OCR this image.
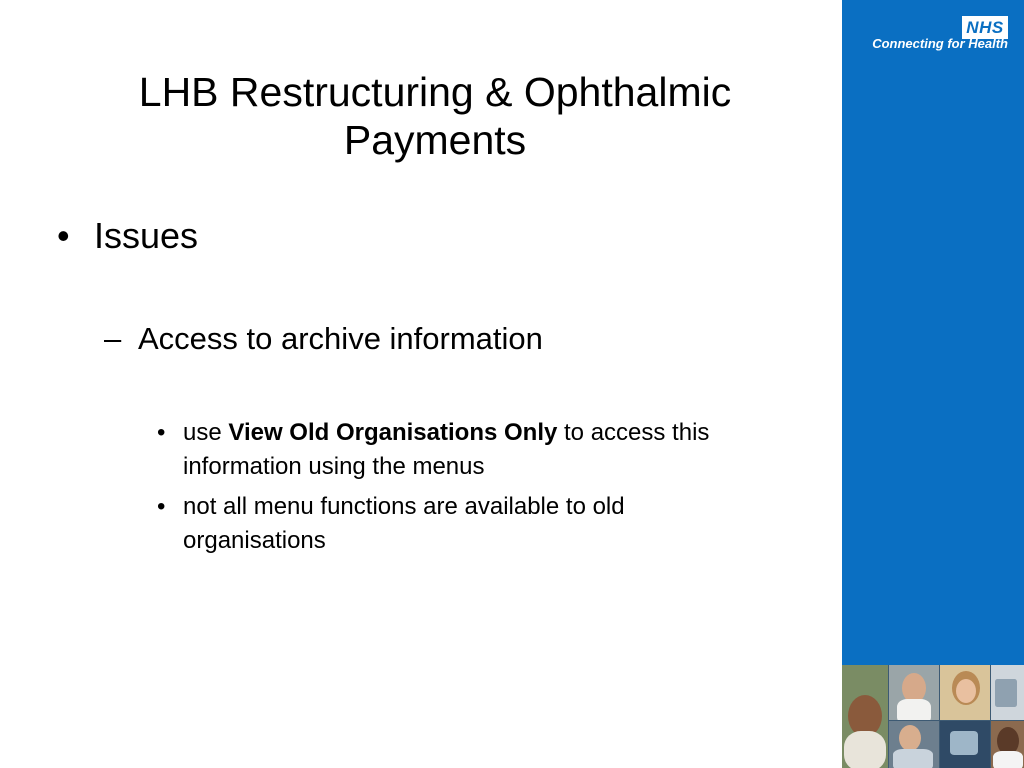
LHB Restructuring & Ophthalmic Payments
• Issues
– Access to archive information
• use View Old Organisations Only to access this information using the menus
• not all menu functions are available to old organisations
NHS
Connecting for Health
